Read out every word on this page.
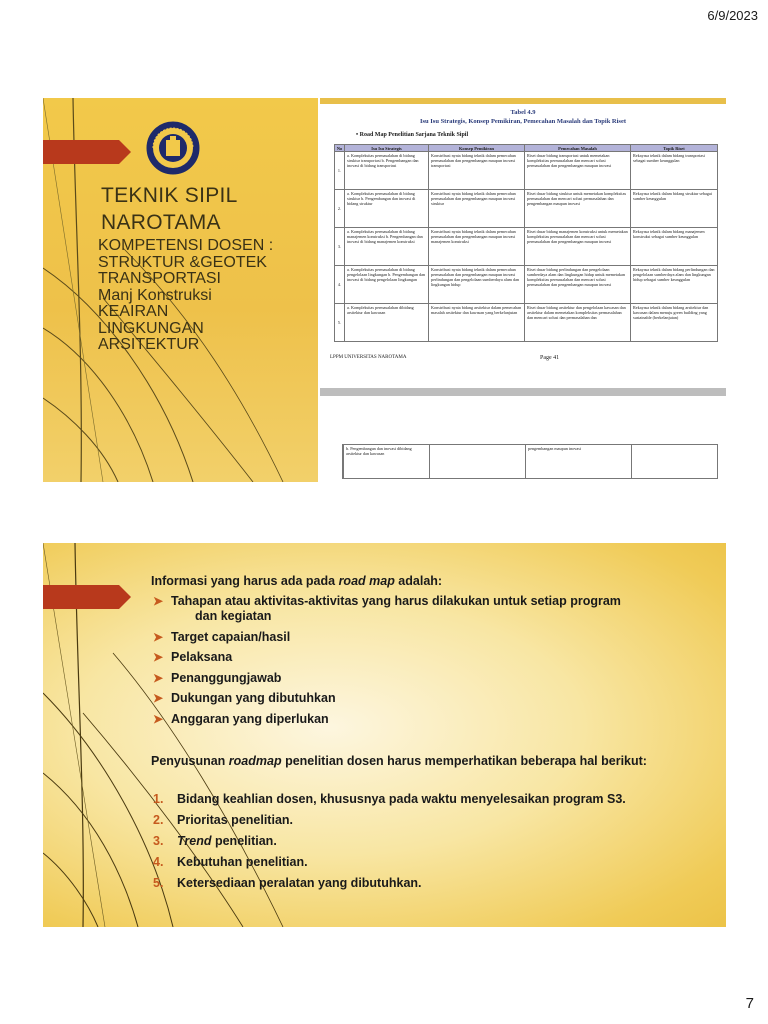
6/9/2023
TEKNIK SIPIL
NAROTAMA
KOMPETENSI DOSEN :
STRUKTUR &GEOTEK
TRANSPORTASI
Manj Konstruksi
KEAIRAN
LINGKUNGAN
ARSITEKTUR
Tabel 4.9
Isu Isu Strategis, Konsep Pemikiran, Pemecahan Masalah dan Topik Riset
• Road Map Penelitian Sarjana Teknik Sipil
No	Isu Isu Strategis	Konsep Pemikiran	Pemecahan Masalah	Topik Riset
1.	a. Kompleksitas permasalahan di bidang struktur transportasi b. Pengembangan dan inovasi di bidang transportasi	Konstribusi nyata bidang teknik dalam pemecahan permasalahan dan pengembangan maupun inovasi transportasi	Riset dasar bidang transportasi untuk memetakan kompleksitas permasalahan dan mencari solusi permasalahan dan pengembangan maupun inovasi	Rekayasa teknik dalam bidang transportasi sebagai sumber keunggulan
2.	a. Kompleksitas permasalahan di bidang struktur b. Pengembangan dan inovasi di bidang struktur	Konstribusi nyata bidang teknik dalam pemecahan permasalahan dan pengembangan maupun inovasi struktur	Riset dasar bidang struktur untuk memetakan kompleksitas permasalahan dan mencari solusi permasalahan dan pengembangan maupun inovasi	Rekayasa teknik dalam bidang struktur sebagai sumber keunggulan
3.	a. Kompleksitas permasalahan di bidang manajemen konstruksi b. Pengembangan dan inovasi di bidang manajemen konstruksi	Konstribusi nyata bidang teknik dalam pemecahan permasalahan dan pengembangan maupun inovasi manajemen konstruksi	Riset dasar bidang manajemen konstruksi untuk memetakan kompleksitas permasalahan dan mencari solusi permasalahan dan pengembangan maupun inovasi	Rekayasa teknik dalam bidang manajemen konstruksi sebagai sumber keunggulan
4.	a. Kompleksitas permasalahan di bidang pengelolaan lingkungan b. Pengembangan dan inovasi di bidang pengelolaan lingkungan	Konstribusi nyata bidang teknik dalam pemecahan permasalahan dan pengembangan maupun inovasi perlindungan dan pengelolaan sumberdaya alam dan lingkungan hidup	Riset dasar bidang perlindungan dan pengelolaan sumberdaya alam dan lingkungan hidup untuk memetakan kompleksitas permasalahan dan mencari solusi permasalahan dan pengembangan maupun inovasi	Rekayasa teknik dalam bidang perlindungan dan pengelolaan sumberdaya alam dan lingkungan hidup sebagai sumber keunggulan
5.	a. Kompleksitas permasalahan dibidang arsitektur dan kawasan	Konstribusi nyata bidang arsitektur dalam pemecahan masalah arsitektur dan kawasan yang berkelanjutan	Riset dasar bidang arsitektur dan pengelolaan kawasan dan arsitektur dalam memetakan kompleksitas permasalahan dan mencari solusi dan permasalahan dan	Rekayasa teknik dalam bidang arsitektur dan kawasan dalam menuju green building yang sustainable (berkelanjutan)
LPPM UNIVERSITAS NAROTAMA	Page 41
	b. Pengembangan dan inovasi dibidang arsitektur dan kawasan		pengembangan maupun inovasi	
Informasi yang harus ada pada road map adalah:
➤ Tahapan atau aktivitas-aktivitas yang harus dilakukan untuk setiap program
dan kegiatan
➤ Target capaian/hasil
➤ Pelaksana
➤ Penanggungjawab
➤ Dukungan yang dibutuhkan
➤ Anggaran yang diperlukan
Penyusunan roadmap penelitian dosen harus memperhatikan beberapa hal berikut:
1. Bidang keahlian dosen, khususnya pada waktu menyelesaikan program S3.
2. Prioritas penelitian.
3. Trend penelitian.
4. Kebutuhan penelitian.
5. Ketersediaan peralatan yang dibutuhkan.
7
